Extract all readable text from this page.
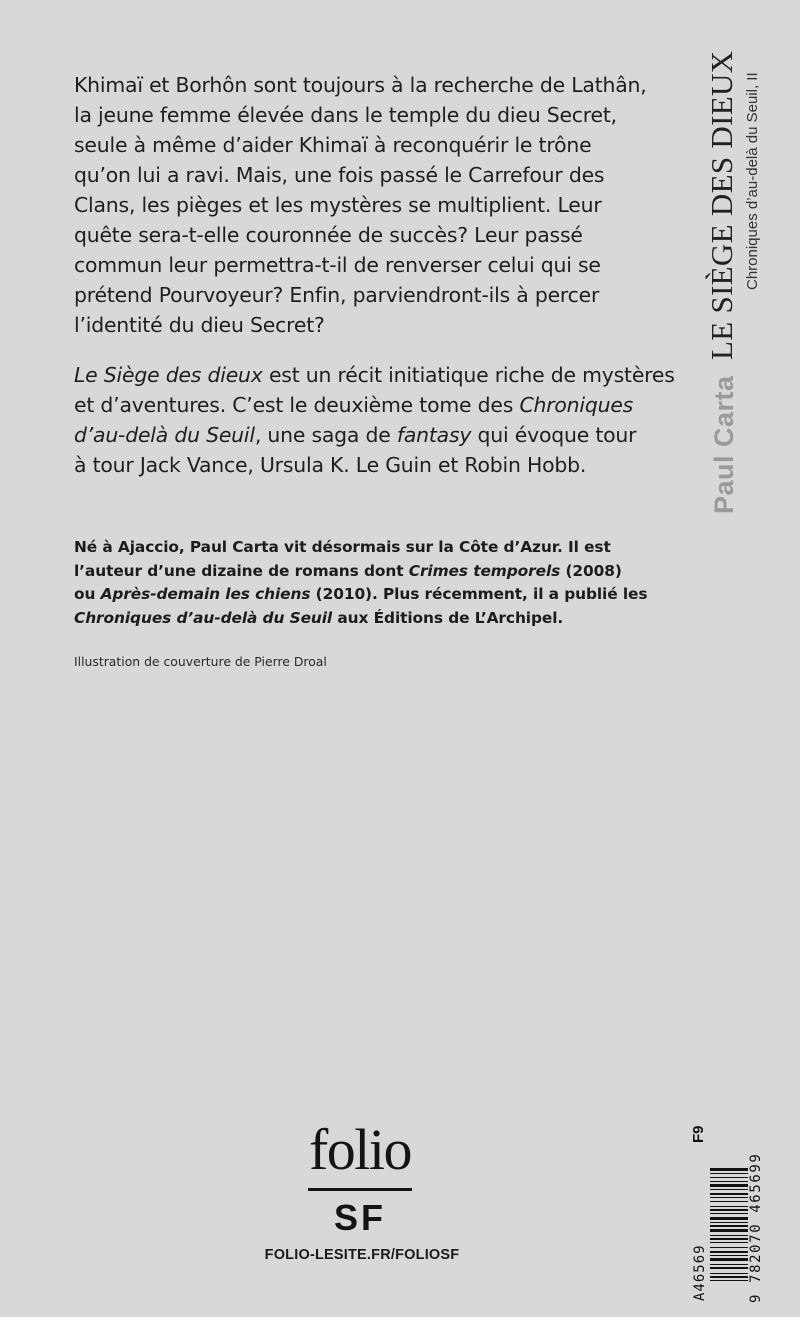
Khimaï et Borhôn sont toujours à la recherche de Lathân,
la jeune femme élevée dans le temple du dieu Secret,
seule à même d’aider Khimaï à reconquérir le trône
qu’on lui a ravi. Mais, une fois passé le Carrefour des
Clans, les pièges et les mystères se multiplient. Leur
quête sera-t-elle couronnée de succès? Leur passé
commun leur permettra-t-il de renverser celui qui se
prétend Pourvoyeur? Enfin, parviendront-ils à percer
l’identité du dieu Secret?
Le Siège des dieux est un récit initiatique riche de mystères
et d’aventures. C’est le deuxième tome des Chroniques
d’au-delà du Seuil, une saga de fantasy qui évoque tour
à tour Jack Vance, Ursula K. Le Guin et Robin Hobb.
Né à Ajaccio, Paul Carta vit désormais sur la Côte d’Azur. Il est
l’auteur d’une dizaine de romans dont Crimes temporels (2008)
ou Après-demain les chiens (2010). Plus récemment, il a publié les
Chroniques d’au-delà du Seuil aux Éditions de L’Archipel.
Illustration de couverture de Pierre Droal
Paul Carta
LE SIÈGE DES DIEUX Chroniques d’au-delà du Seuil, II
folio
SF
FOLIO-LESITE.FR/FOLIOSF	A46569
F9
9 782070 465699
